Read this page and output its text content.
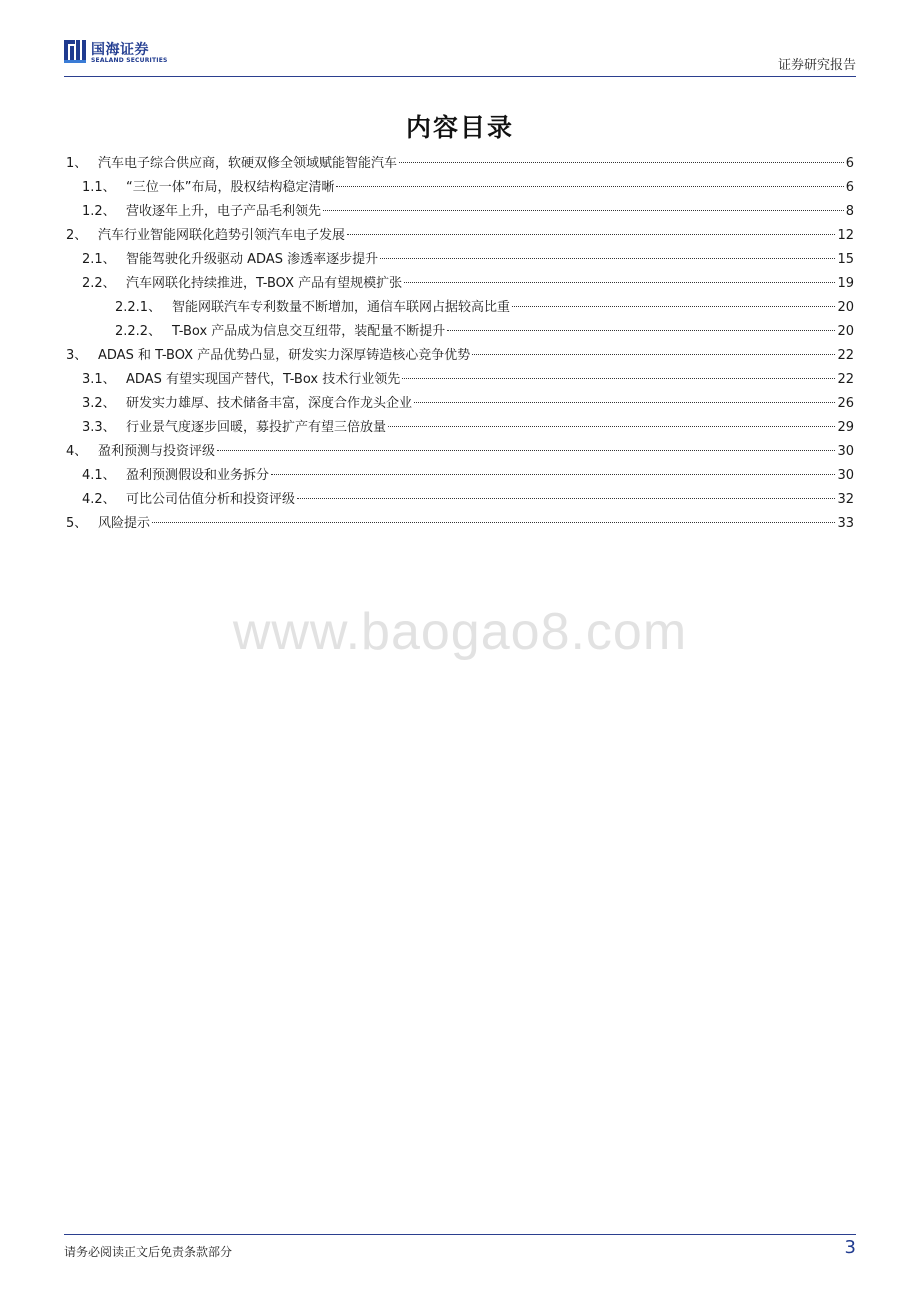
国海证券
SEALAND SECURITIES	证券研究报告
内容目录
1、 汽车电子综合供应商，软硬双修全领域赋能智能汽车	6
1.1、 “三位一体”布局，股权结构稳定清晰	6
1.2、 营收逐年上升，电子产品毛利领先	8
2、 汽车行业智能网联化趋势引领汽车电子发展	12
2.1、 智能驾驶化升级驱动 ADAS 渗透率逐步提升	15
2.2、 汽车网联化持续推进，T-BOX 产品有望规模扩张	19
2.2.1、 智能网联汽车专利数量不断增加，通信车联网占据较高比重	20
2.2.2、 T-Box 产品成为信息交互纽带，装配量不断提升	20
3、 ADAS 和 T-BOX 产品优势凸显，研发实力深厚铸造核心竞争优势	22
3.1、 ADAS 有望实现国产替代，T-Box 技术行业领先	22
3.2、 研发实力雄厚、技术储备丰富，深度合作龙头企业	26
3.3、 行业景气度逐步回暖，募投扩产有望三倍放量	29
4、 盈利预测与投资评级	30
4.1、 盈利预测假设和业务拆分	30
4.2、 可比公司估值分析和投资评级	32
5、 风险提示	33
www.baogao8.com
请务必阅读正文后免责条款部分	3
